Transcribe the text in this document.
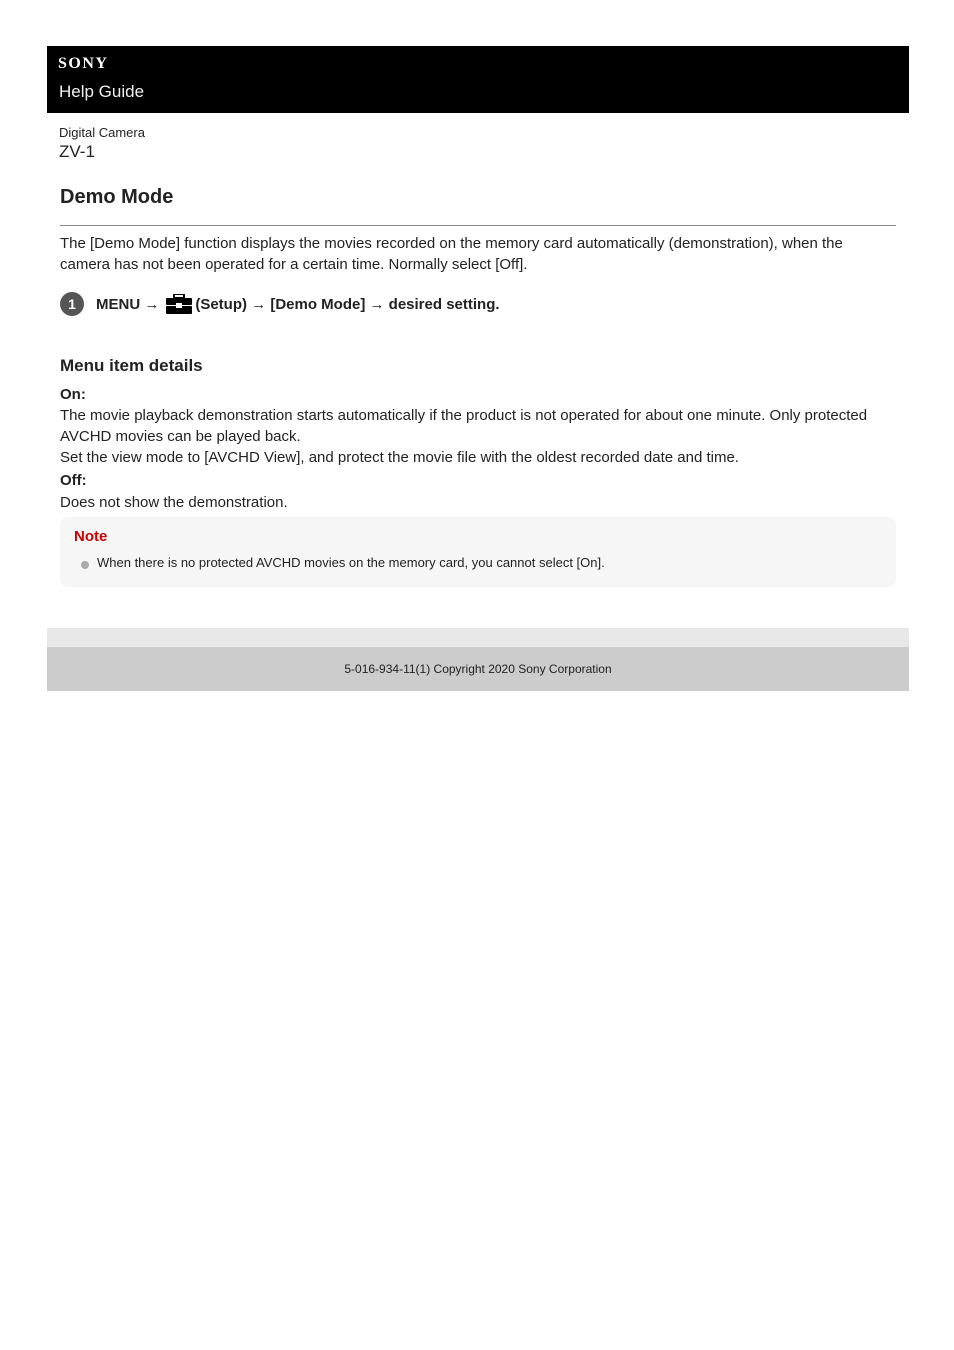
SONY
Help Guide
Digital Camera
ZV-1
Demo Mode

The [Demo Mode] function displays the movies recorded on the memory card automatically (demonstration), when the camera has not been operated for a certain time. Normally select [Off].

1	MENU → (Setup) → [Demo Mode] → desired setting.
Menu item details
On:
The movie playback demonstration starts automatically if the product is not operated for about one minute. Only protected AVCHD movies can be played back.
Set the view mode to [AVCHD View], and protect the movie file with the oldest recorded date and time.
Off:
Does not show the demonstration.
Note
When there is no protected AVCHD movies on the memory card, you cannot select [On].
5-016-934-11(1) Copyright 2020 Sony Corporation
